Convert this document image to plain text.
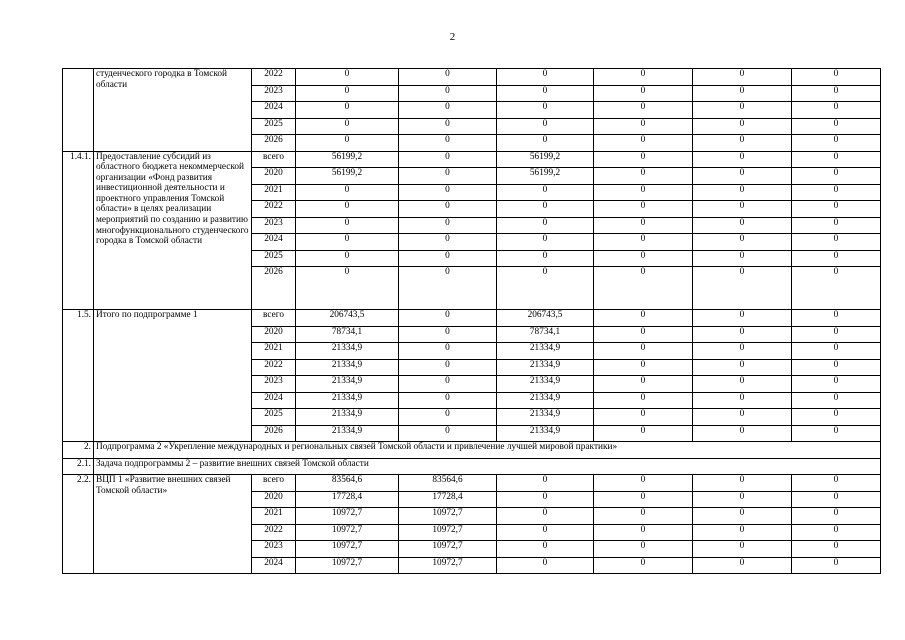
2
	студенческого городка в Томской области	2022	0	0	0	0	0	0
		2023	0	0	0	0	0	0
		2024	0	0	0	0	0	0
		2025	0	0	0	0	0	0
		2026	0	0	0	0	0	0
1.4.1.	Предоставление субсидий из областного бюджета некоммерческой организации «Фонд развития инвестиционной деятельности и проектного управления Томской области» в целях реализации мероприятий по созданию и развитию многофункционального студенческого городка в Томской области	всего	56199,2	0	56199,2	0	0	0
		2020	56199,2	0	56199,2	0	0	0
		2021	0	0	0	0	0	0
		2022	0	0	0	0	0	0
		2023	0	0	0	0	0	0
		2024	0	0	0	0	0	0
		2025	0	0	0	0	0	0
		2026	0	0	0	0	0	0
1.5.	Итого по подпрограмме 1	всего	206743,5	0	206743,5	0	0	0
		2020	78734,1	0	78734,1	0	0	0
		2021	21334,9	0	21334,9	0	0	0
		2022	21334,9	0	21334,9	0	0	0
		2023	21334,9	0	21334,9	0	0	0
		2024	21334,9	0	21334,9	0	0	0
		2025	21334,9	0	21334,9	0	0	0
		2026	21334,9	0	21334,9	0	0	0
2.	Подпрограмма 2 «Укрепление международных и региональных связей Томской области и привлечение лучшей мировой практики»							
2.1.	Задача подпрограммы 2 – развитие внешних связей Томской области							
2.2.	ВЦП 1 «Развитие внешних связей Томской области»	всего	83564,6	83564,6	0	0	0	0
		2020	17728,4	17728,4	0	0	0	0
		2021	10972,7	10972,7	0	0	0	0
		2022	10972,7	10972,7	0	0	0	0
		2023	10972,7	10972,7	0	0	0	0
		2024	10972,7	10972,7	0	0	0	0
